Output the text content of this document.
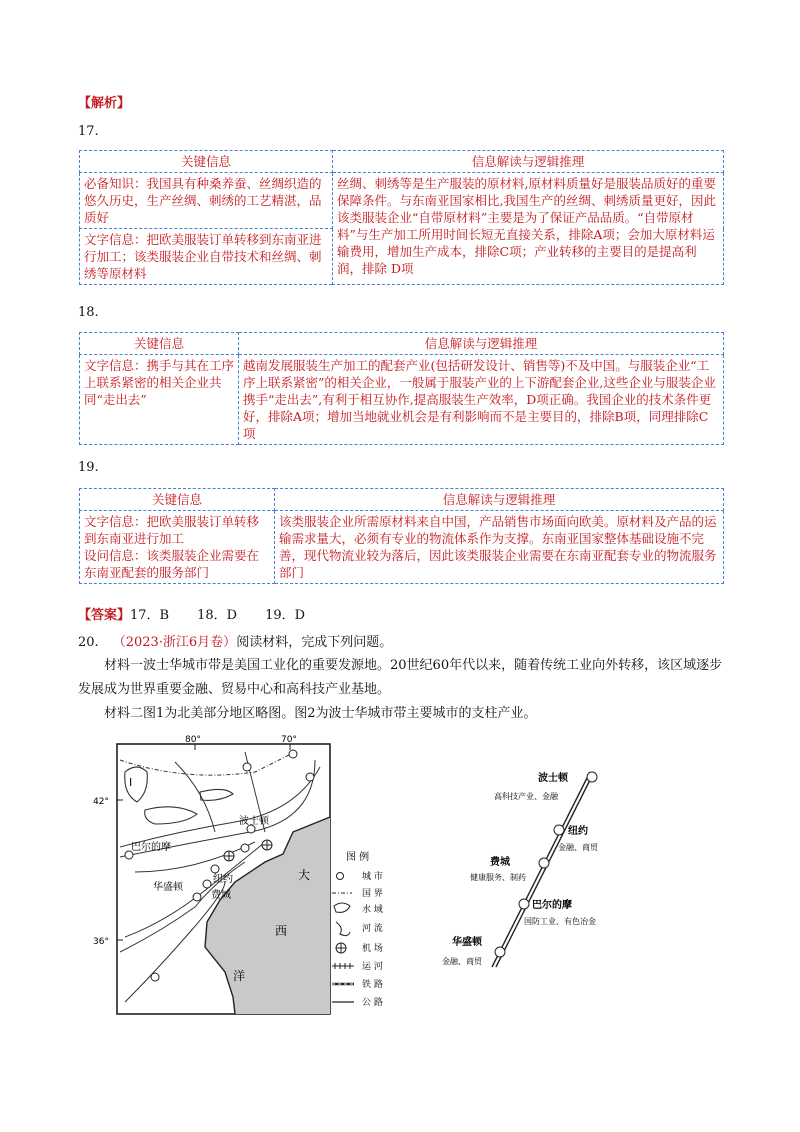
【解析】
17.
关键信息	信息解读与逻辑推理
必备知识：我国具有种桑养蚕、丝绸织造的悠久历史，生产丝绸、刺绣的工艺精湛，品质好	丝绸、刺绣等是生产服装的原材料,原材料质量好是服装品质好的重要保障条件。与东南亚国家相比,我国生产的丝绸、刺绣质量更好，因此该类服装企业“自带原材料”主要是为了保证产品品质。“自带原材料”与生产加工所用时间长短无直接关系，排除A项；会加大原材料运输费用，增加生产成本，排除C项；产业转移的主要目的是提高利润，排除 D项
文字信息：把欧美服装订单转移到东南亚进行加工；该类服装企业自带技术和丝绸、刺绣等原材料	
18.
关键信息	信息解读与逻辑推理
文字信息：携手与其在工序上联系紧密的相关企业共同“走出去”	越南发展服装生产加工的配套产业(包括研发设计、销售等)不及中国。与服装企业“工序上联系紧密”的相关企业，一般属于服装产业的上下游配套企业,这些企业与服装企业携手“走出去”,有利于相互协作,提高服装生产效率，D项正确。我国企业的技术条件更好，排除A项；增加当地就业机会是有利影响而不是主要目的，排除B项，同理排除C项
19.
关键信息	信息解读与逻辑推理
文字信息：把欧美服装订单转移到东南亚进行加工
设问信息：该类服装企业需要在东南亚配套的服务部门	该类服装企业所需原材料来自中国，产品销售市场面向欧美。原材料及产品的运输需求量大，必须有专业的物流体系作为支撑。东南亚国家整体基础设施不完善，现代物流业较为落后，因此该类服装企业需要在东南亚配套专业的物流服务部门
【答案】17．B 18．D 19．D
20. （2023·浙江6月卷）阅读材料，完成下列问题。
材料一波士华城市带是美国工业化的重要发源地。20世纪60年代以来，随着传统工业向外转移，该区域逐步发展成为世界重要金融、贸易中心和高科技产业基地。
材料二图1为北美部分地区略图。图2为波士华城市带主要城市的支柱产业。
80°	70°
波士顿
巴尔的摩
纽约
费城
华盛顿
大
西
洋
I
42°
36°
图 例
城 市
国 界
水 域
河 流
机 场
运 河
铁 路
公 路
波士顿
高科技产业、金融
纽约
金融、商贸
费城
健康服务、制药
巴尔的摩
国防工业、有色冶金
华盛顿
金融、商贸
